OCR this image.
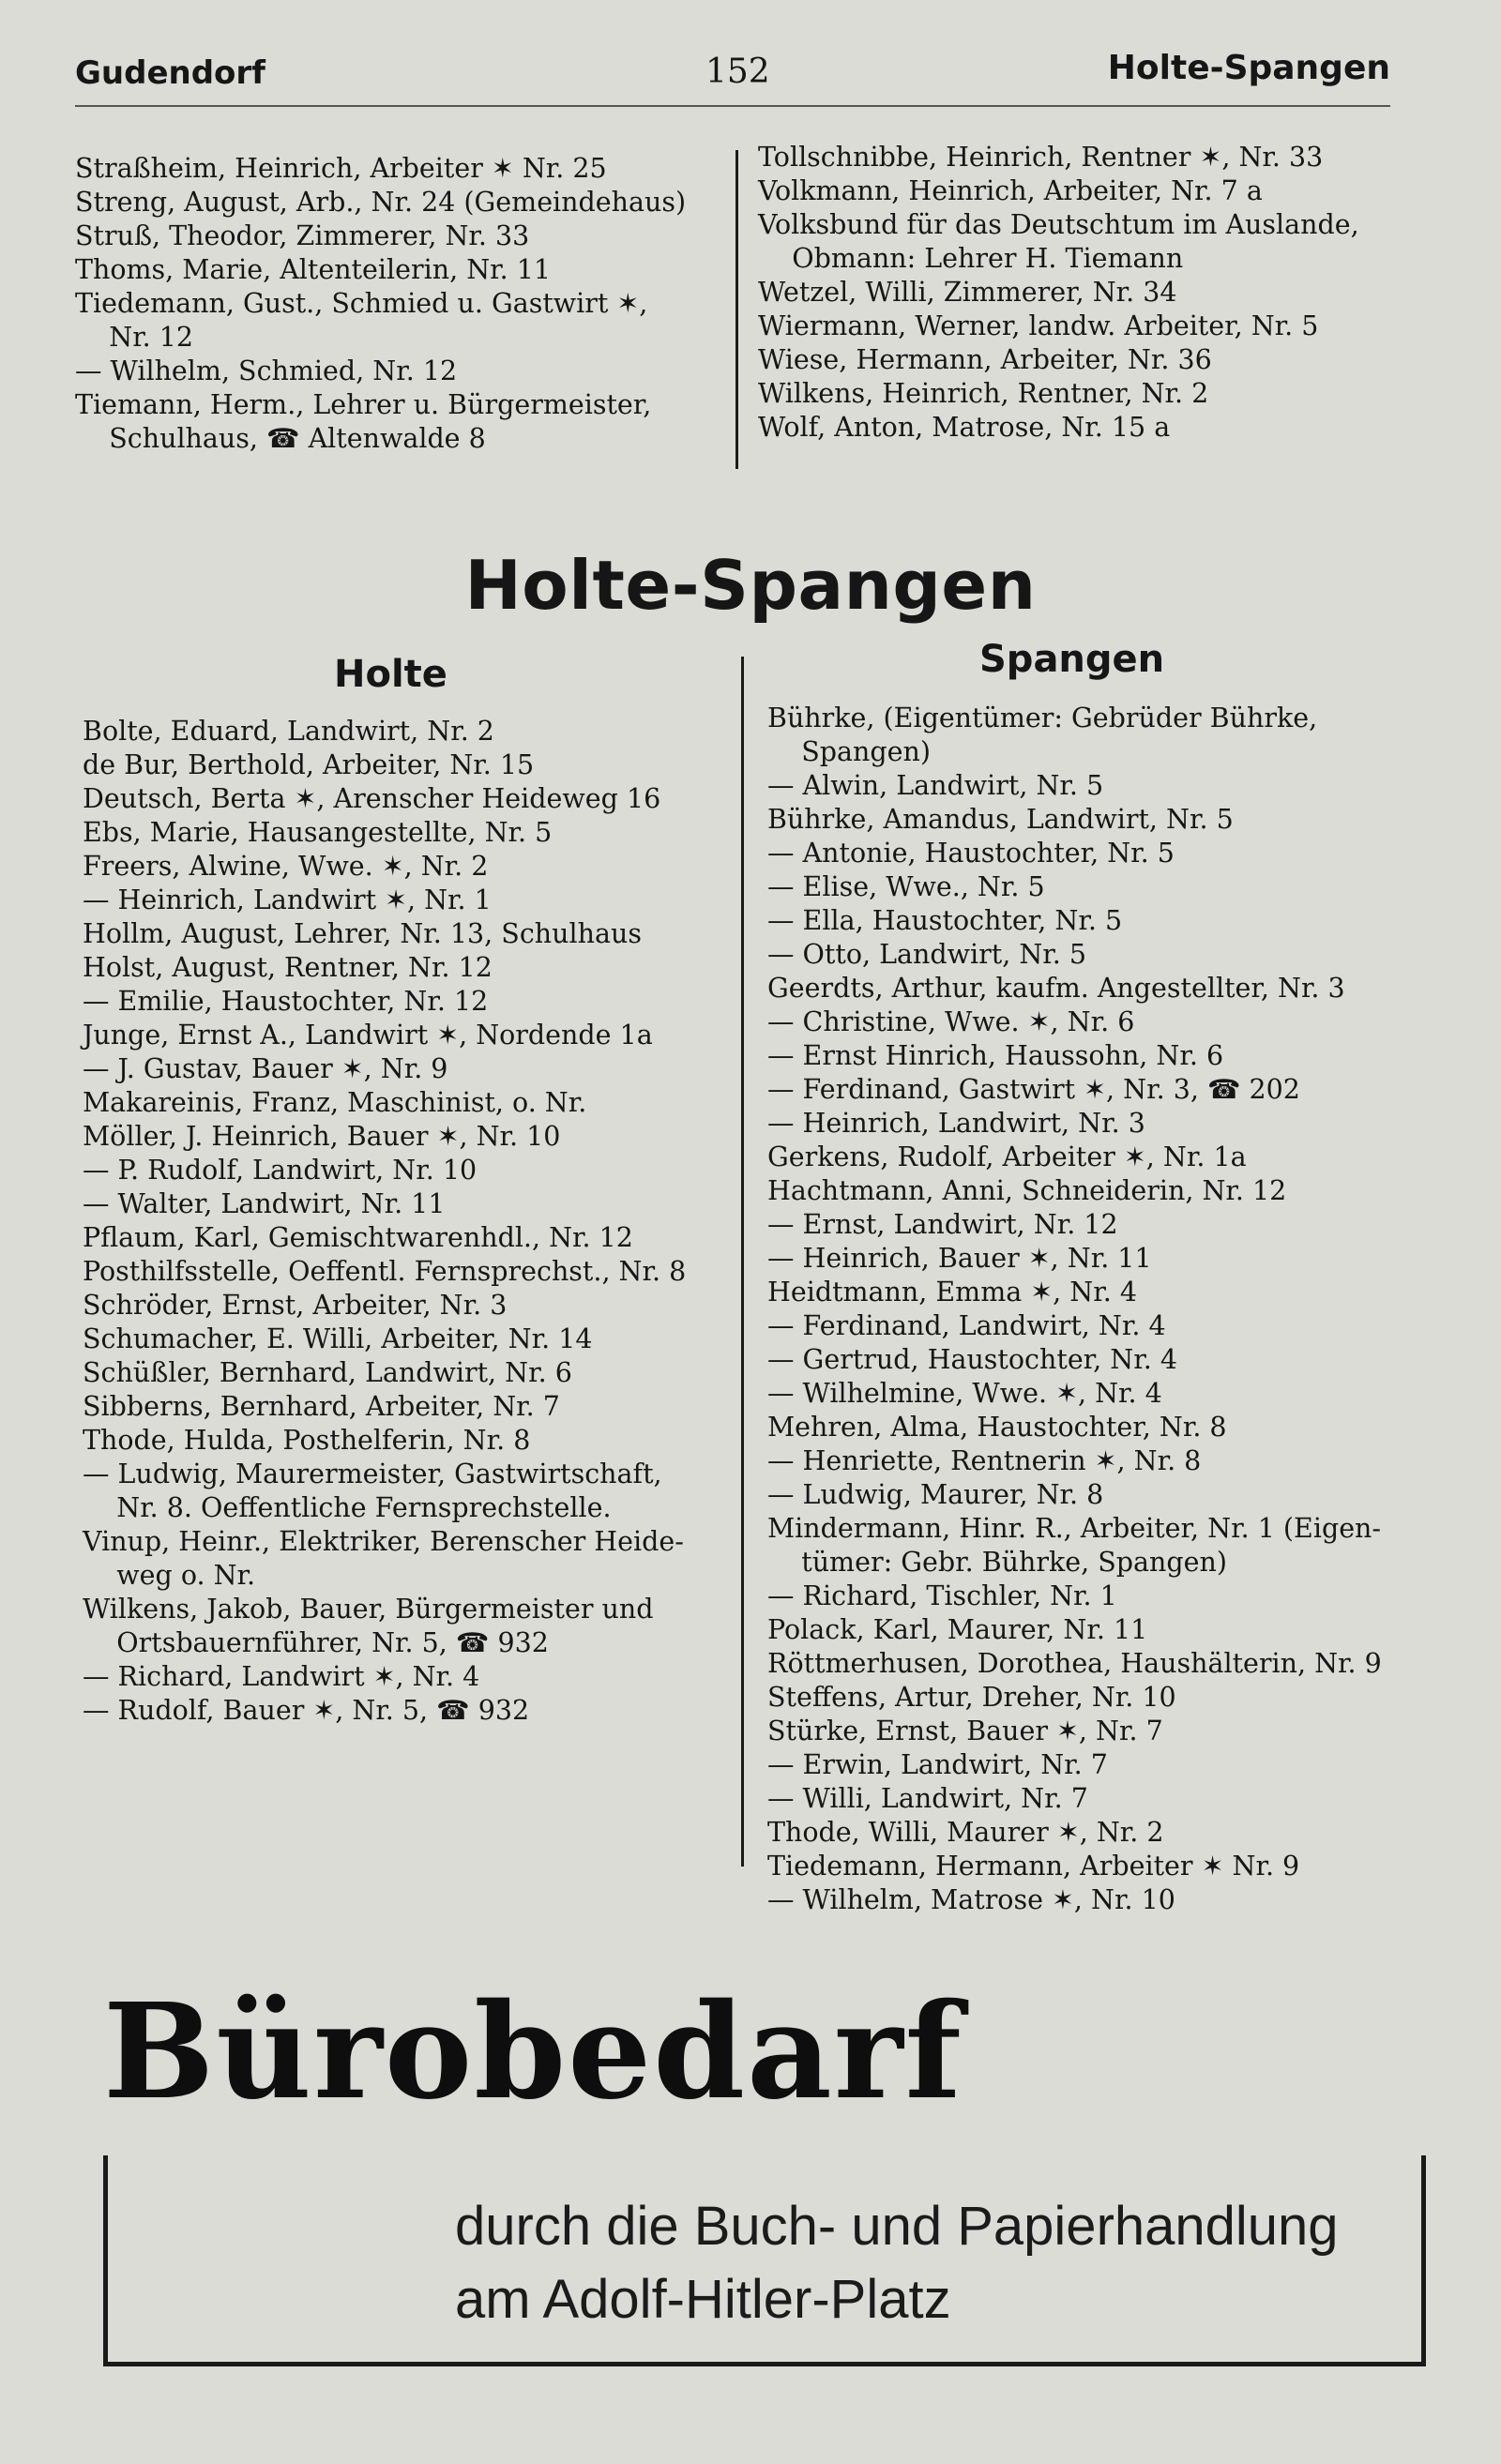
Gudendorf	152	Holte-Spangen

Straßheim, Heinrich, Arbeiter ✶ Nr. 25

Streng, August, Arb., Nr. 24 (Gemeindehaus)

Struß, Theodor, Zimmerer, Nr. 33

Thoms, Marie, Altenteilerin, Nr. 11

Tiedemann, Gust., Schmied u. Gastwirt ✶,
Nr. 12

— Wilhelm, Schmied, Nr. 12

Tiemann, Herm., Lehrer u. Bürgermeister,
Schulhaus, ☎ Altenwalde 8

Tollschnibbe, Heinrich, Rentner ✶, Nr. 33

Volkmann, Heinrich, Arbeiter, Nr. 7 a

Volksbund für das Deutschtum im Auslande,
Obmann: Lehrer H. Tiemann

Wetzel, Willi, Zimmerer, Nr. 34

Wiermann, Werner, landw. Arbeiter, Nr. 5

Wiese, Hermann, Arbeiter, Nr. 36

Wilkens, Heinrich, Rentner, Nr. 2

Wolf, Anton, Matrose, Nr. 15 a

Holte-Spangen
Holte	Spangen

Bolte, Eduard, Landwirt, Nr. 2

de Bur, Berthold, Arbeiter, Nr. 15

Deutsch, Berta ✶, Arenscher Heideweg 16

Ebs, Marie, Hausangestellte, Nr. 5

Freers, Alwine, Wwe. ✶, Nr. 2

— Heinrich, Landwirt ✶, Nr. 1

Hollm, August, Lehrer, Nr. 13, Schulhaus

Holst, August, Rentner, Nr. 12

— Emilie, Haustochter, Nr. 12

Junge, Ernst A., Landwirt ✶, Nordende 1a

— J. Gustav, Bauer ✶, Nr. 9

Makareinis, Franz, Maschinist, o. Nr.

Möller, J. Heinrich, Bauer ✶, Nr. 10

— P. Rudolf, Landwirt, Nr. 10

— Walter, Landwirt, Nr. 11

Pflaum, Karl, Gemischtwarenhdl., Nr. 12

Posthilfsstelle, Oeffentl. Fernsprechst., Nr. 8

Schröder, Ernst, Arbeiter, Nr. 3

Schumacher, E. Willi, Arbeiter, Nr. 14

Schüßler, Bernhard, Landwirt, Nr. 6

Sibberns, Bernhard, Arbeiter, Nr. 7

Thode, Hulda, Posthelferin, Nr. 8

— Ludwig, Maurermeister, Gastwirtschaft,
Nr. 8. Oeffentliche Fernsprechstelle.

Vinup, Heinr., Elektriker, Berenscher Heide-
weg o. Nr.

Wilkens, Jakob, Bauer, Bürgermeister und
Ortsbauernführer, Nr. 5, ☎ 932

— Richard, Landwirt ✶, Nr. 4

— Rudolf, Bauer ✶, Nr. 5, ☎ 932

Bührke, (Eigentümer: Gebrüder Bührke,
Spangen)

— Alwin, Landwirt, Nr. 5

Bührke, Amandus, Landwirt, Nr. 5

— Antonie, Haustochter, Nr. 5

— Elise, Wwe., Nr. 5

— Ella, Haustochter, Nr. 5

— Otto, Landwirt, Nr. 5

Geerdts, Arthur, kaufm. Angestellter, Nr. 3

— Christine, Wwe. ✶, Nr. 6

— Ernst Hinrich, Haussohn, Nr. 6

— Ferdinand, Gastwirt ✶, Nr. 3, ☎ 202

— Heinrich, Landwirt, Nr. 3

Gerkens, Rudolf, Arbeiter ✶, Nr. 1a

Hachtmann, Anni, Schneiderin, Nr. 12

— Ernst, Landwirt, Nr. 12

— Heinrich, Bauer ✶, Nr. 11

Heidtmann, Emma ✶, Nr. 4

— Ferdinand, Landwirt, Nr. 4

— Gertrud, Haustochter, Nr. 4

— Wilhelmine, Wwe. ✶, Nr. 4

Mehren, Alma, Haustochter, Nr. 8

— Henriette, Rentnerin ✶, Nr. 8

— Ludwig, Maurer, Nr. 8

Mindermann, Hinr. R., Arbeiter, Nr. 1 (Eigen-
tümer: Gebr. Bührke, Spangen)

— Richard, Tischler, Nr. 1

Polack, Karl, Maurer, Nr. 11

Röttmerhusen, Dorothea, Haushälterin, Nr. 9

Steffens, Artur, Dreher, Nr. 10

Stürke, Ernst, Bauer ✶, Nr. 7

— Erwin, Landwirt, Nr. 7

— Willi, Landwirt, Nr. 7

Thode, Willi, Maurer ✶, Nr. 2

Tiedemann, Hermann, Arbeiter ✶ Nr. 9

— Wilhelm, Matrose ✶, Nr. 10

Bürobedarf
durch die Buch- und Papierhandlung
am Adolf-Hitler-Platz
